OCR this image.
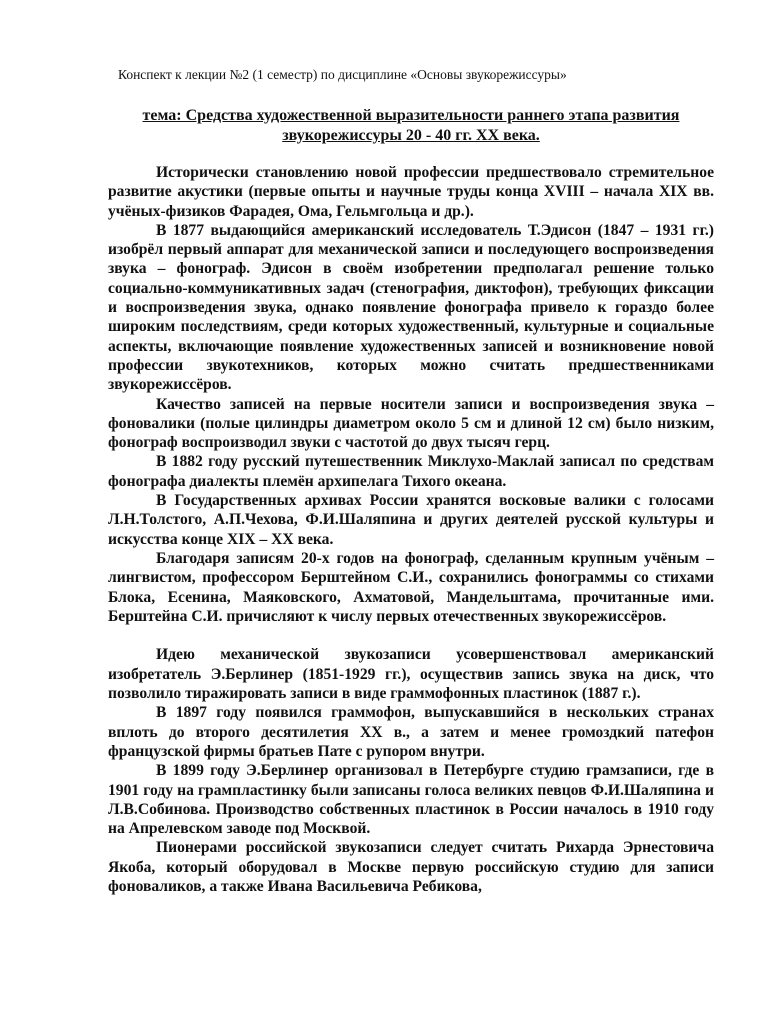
Конспект к лекции №2 (1 семестр) по дисциплине «Основы звукорежиссуры»
тема: Средства художественной выразительности раннего этапа развития
звукорежиссуры 20 - 40 гг. XX века.

Исторически становлению новой профессии предшествовало стремительное развитие акустики (первые опыты и научные труды конца XVIII – начала XIX вв. учёных-физиков Фарадея, Ома, Гельмгольца и др.).

В 1877 выдающийся американский исследователь Т.Эдисон (1847 – 1931 гг.) изобрёл первый аппарат для механической записи и последующего воспроизведения звука – фонограф. Эдисон в своём изобретении предполагал решение только социально-коммуникативных задач (стенография, диктофон), требующих фиксации и воспроизведения звука, однако появление фонографа привело к гораздо более широким последствиям, среди которых художественный, культурные и социальные аспекты, включающие появление художественных записей и возникновение новой профессии звукотехников, которых можно считать предшественниками звукорежиссёров.

Качество записей на первые носители записи и воспроизведения звука – фоновалики (полые цилиндры диаметром около 5 см и длиной 12 см) было низким, фонограф воспроизводил звуки с частотой до двух тысяч герц.

В 1882 году русский путешественник Миклухо-Маклай записал по средствам фонографа диалекты племён архипелага Тихого океана.

В Государственных архивах России хранятся восковые валики с голосами Л.Н.Толстого, А.П.Чехова, Ф.И.Шаляпина и других деятелей русской культуры и искусства конце XIX – XX века.

Благодаря записям 20-х годов на фонограф, сделанным крупным учёным – лингвистом, профессором Берштейном С.И., сохранились фонограммы со стихами Блока, Есенина, Маяковского, Ахматовой, Мандельштама, прочитанные ими. Берштейна С.И. причисляют к числу первых отечественных звукорежиссёров.

Идею механической звукозаписи усовершенствовал американский изобретатель Э.Берлинер (1851-1929 гг.), осуществив запись звука на диск, что позволило тиражировать записи в виде граммофонных пластинок (1887 г.).

В 1897 году появился граммофон, выпускавшийся в нескольких странах вплоть до второго десятилетия XX в., а затем и менее громоздкий патефон французской фирмы братьев Пате с рупором внутри.

В 1899 году Э.Берлинер организовал в Петербурге студию грамзаписи, где в 1901 году на грампластинку были записаны голоса великих певцов Ф.И.Шаляпина и Л.В.Собинова. Производство собственных пластинок в России началось в 1910 году на Апрелевском заводе под Москвой.

Пионерами российской звукозаписи следует считать Рихарда Эрнестовича Якоба, который оборудовал в Москве первую российскую студию для записи фоновaликов, а также Ивана Васильевича Ребикова,
